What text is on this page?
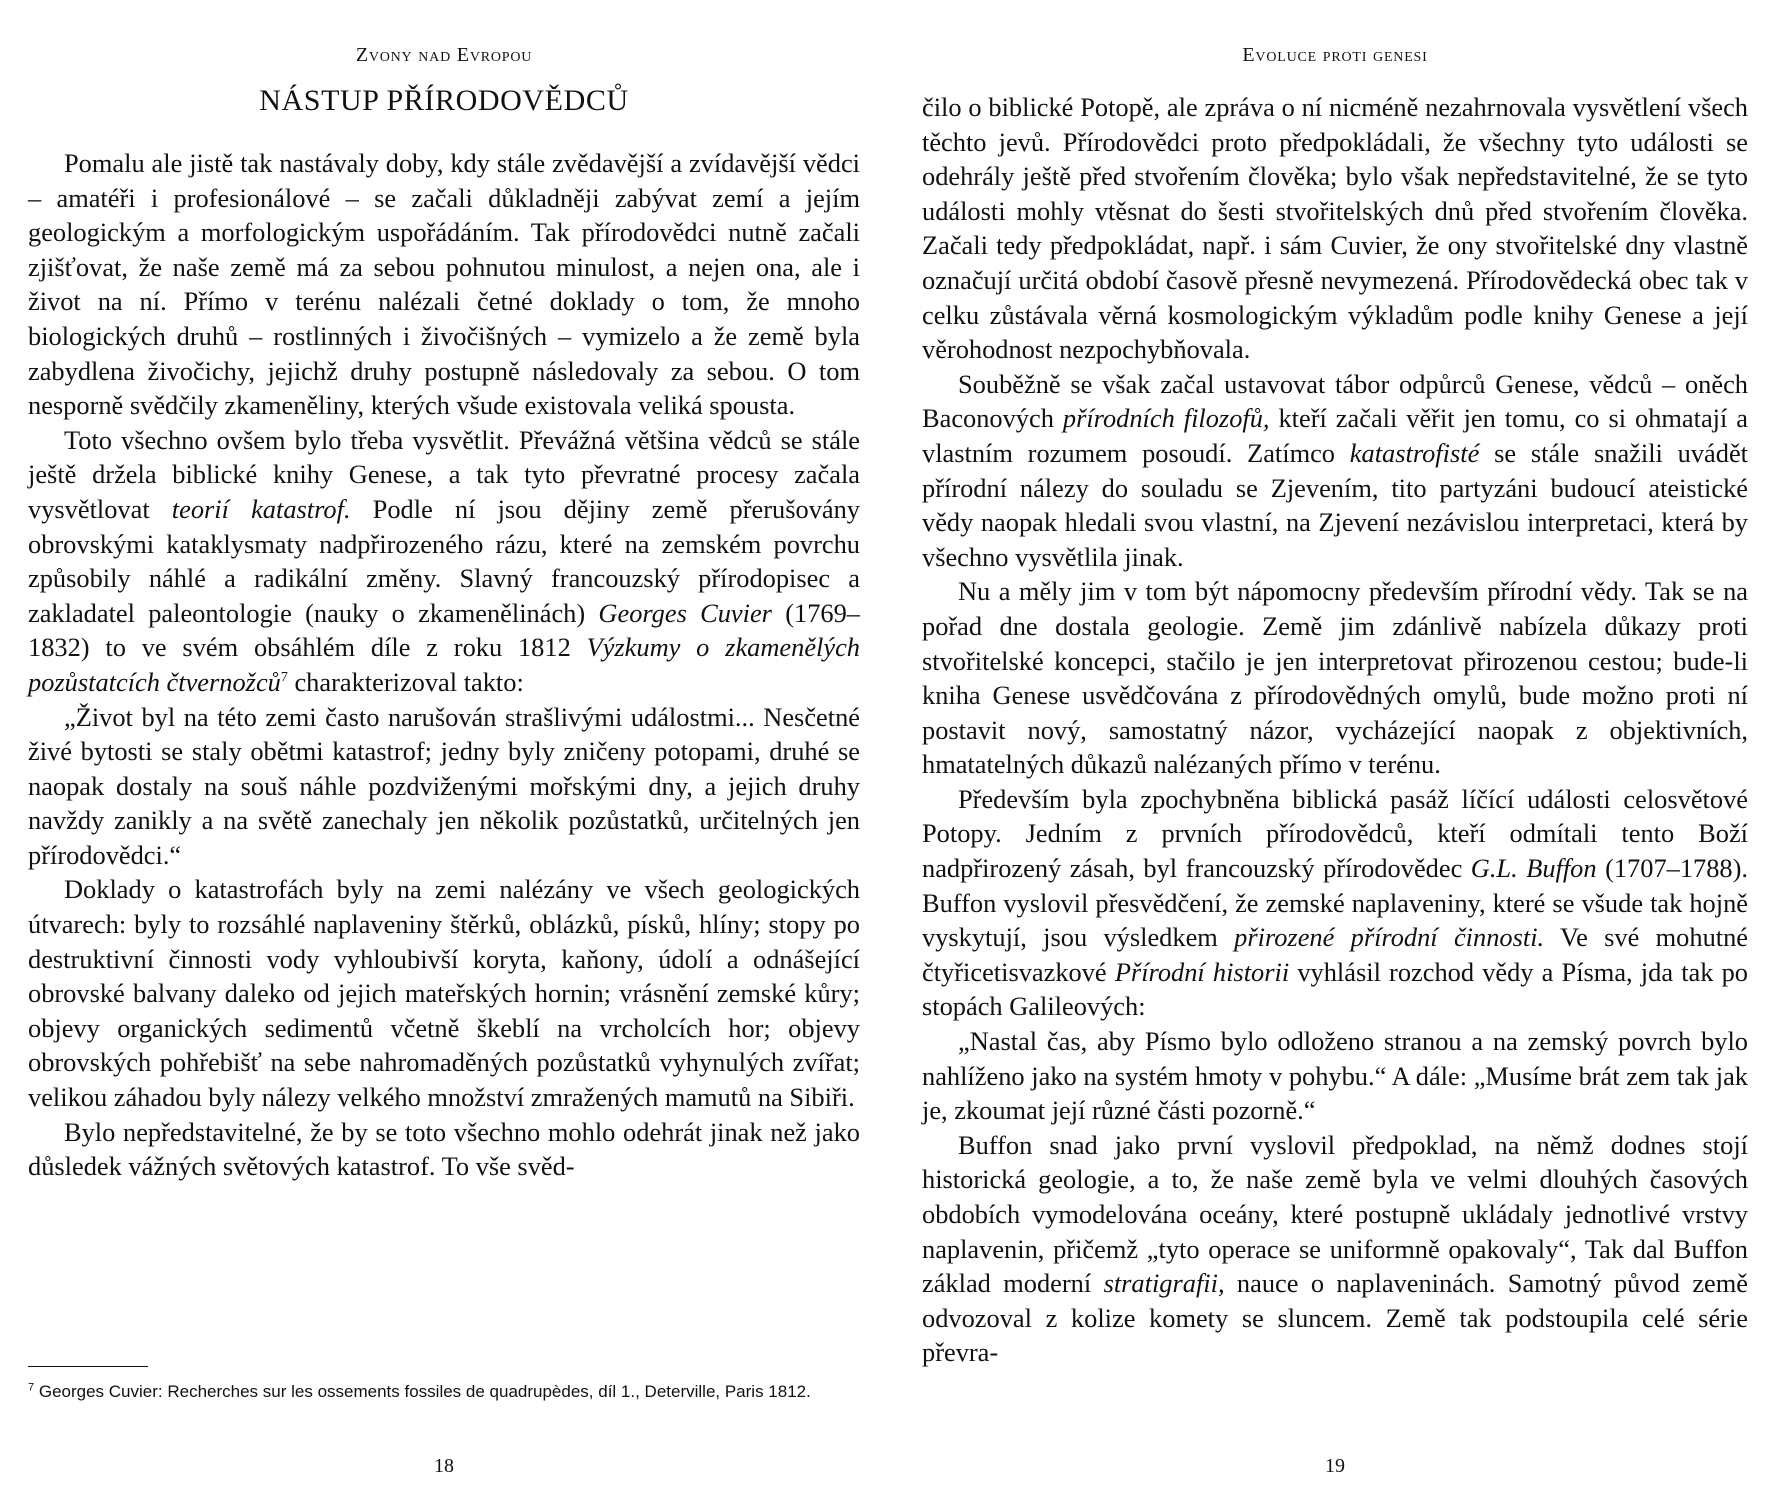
Zvony nad Evropou
NÁSTUP PŘÍRODOVĚDCŮ

Pomalu ale jistě tak nastávaly doby, kdy stále zvědavější a zvídavější vědci – amatéři i profesionálové – se začali důkladněji zabývat zemí a jejím geologickým a morfologickým uspořádáním. Tak přírodovědci nutně začali zjišťovat, že naše země má za sebou pohnutou minulost, a nejen ona, ale i život na ní. Přímo v terénu nalézali četné doklady o tom, že mnoho biologických druhů – rostlinných i živočišných – vymizelo a že země byla zabydlena živočichy, jejichž druhy postupně následovaly za sebou. O tom nesporně svědčily zkameněliny, kterých všude existovala veliká spousta.

Toto všechno ovšem bylo třeba vysvětlit. Převážná většina vědců se stále ještě držela biblické knihy Genese, a tak tyto převratné procesy začala vysvětlovat teorií katastrof. Podle ní jsou dějiny země přerušovány obrovskými kataklysmaty nadpřirozeného rázu, které na zemském povrchu způsobily náhlé a radikální změny. Slavný francouzský přírodopisec a zakladatel paleontologie (nauky o zkamenělinách) Georges Cuvier (1769–1832) to ve svém obsáhlém díle z roku 1812 Výzkumy o zkamenělých pozůstatcích čtvernožců$^7$ charakterizoval takto:

„Život byl na této zemi často narušován strašlivými událostmi... Nesčetné živé bytosti se staly obětmi katastrof; jedny byly zničeny potopami, druhé se naopak dostaly na souš náhle pozdviženými mořskými dny, a jejich druhy navždy zanikly a na světě zanechaly jen několik pozůstatků, určitelných jen přírodovědci.“

Doklady o katastrofách byly na zemi nalézány ve všech geologických útvarech: byly to rozsáhlé naplaveniny štěrků, oblázků, písků, hlíny; stopy po destruktivní činnosti vody vyhloubivší koryta, kaňony, údolí a odnášející obrovské balvany daleko od jejich mateřských hornin; vrásnění zemské kůry; objevy organických sedimentů včetně škeblí na vrcholcích hor; objevy obrovských pohřebišť na sebe nahromaděných pozůstatků vyhynulých zvířat; velikou záhadou byly nálezy velkého množství zmražených mamutů na Sibiři.

Bylo nepředstavitelné, že by se toto všechno mohlo odehrát jinak než jako důsledek vážných světových katastrof. To vše svěd-

$^7$ Georges Cuvier: Recherches sur les ossements fossiles de quadrupèdes, díl 1., Deterville, Paris 1812.
18
Evoluce proti genesi

čilo o biblické Potopě, ale zpráva o ní nicméně nezahrnovala vysvětlení všech těchto jevů. Přírodovědci proto předpokládali, že všechny tyto události se odehrály ještě před stvořením člověka; bylo však nepředstavitelné, že se tyto události mohly vtěsnat do šesti stvořitelských dnů před stvořením člověka. Začali tedy předpokládat, např. i sám Cuvier, že ony stvořitelské dny vlastně označují určitá období časově přesně nevymezená. Přírodovědecká obec tak v celku zůstávala věrná kosmologickým výkladům podle knihy Genese a její věrohodnost nezpochybňovala.

Souběžně se však začal ustavovat tábor odpůrců Genese, vědců – oněch Baconových přírodních filozofů, kteří začali věřit jen tomu, co si ohmatají a vlastním rozumem posoudí. Zatímco katastrofisté se stále snažili uvádět přírodní nálezy do souladu se Zjevením, tito partyzáni budoucí ateistické vědy naopak hledali svou vlastní, na Zjevení nezávislou interpretaci, která by všechno vysvětlila jinak.

Nu a měly jim v tom být nápomocny především přírodní vědy. Tak se na pořad dne dostala geologie. Země jim zdánlivě nabízela důkazy proti stvořitelské koncepci, stačilo je jen interpretovat přirozenou cestou; bude-li kniha Genese usvědčována z přírodovědných omylů, bude možno proti ní postavit nový, samostatný názor, vycházející naopak z objektivních, hmatatelných důkazů nalézaných přímo v terénu.

Především byla zpochybněna biblická pasáž líčící události celosvětové Potopy. Jedním z prvních přírodovědců, kteří odmítali tento Boží nadpřirozený zásah, byl francouzský přírodovědec G.L. Buffon (1707–1788). Buffon vyslovil přesvědčení, že zemské naplaveniny, které se všude tak hojně vyskytují, jsou výsledkem přirozené přírodní činnosti. Ve své mohutné čtyřicetisvazkové Přírodní historii vyhlásil rozchod vědy a Písma, jda tak po stopách Galileových:

„Nastal čas, aby Písmo bylo odloženo stranou a na zemský povrch bylo nahlíženo jako na systém hmoty v pohybu.“ A dále: „Musíme brát zem tak jak je, zkoumat její různé části pozorně.“

Buffon snad jako první vyslovil předpoklad, na němž dodnes stojí historická geologie, a to, že naše země byla ve velmi dlouhých časových obdobích vymodelována oceány, které postupně ukládaly jednotlivé vrstvy naplavenin, přičemž „tyto operace se uniformně opakovaly“, Tak dal Buffon základ moderní stratigrafii, nauce o naplaveninách. Samotný původ země odvozoval z kolize komety se sluncem. Země tak podstoupila celé série převra-

19
